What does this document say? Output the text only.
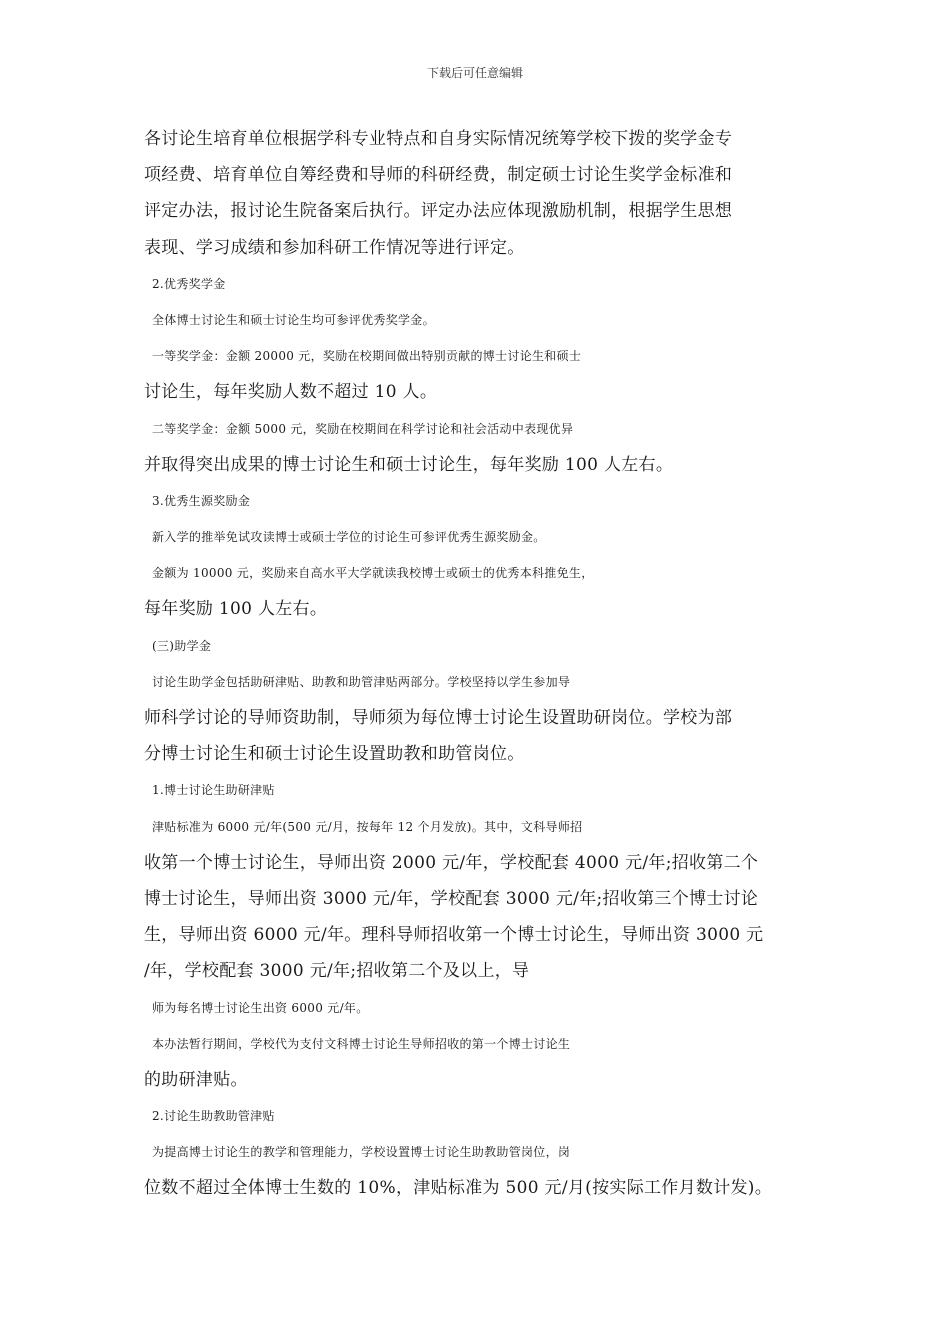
下载后可任意编辑
各讨论生培育单位根据学科专业特点和自身实际情况统筹学校下拨的奖学金专
项经费、培育单位自筹经费和导师的科研经费，制定硕士讨论生奖学金标准和
评定办法，报讨论生院备案后执行。评定办法应体现激励机制，根据学生思想
表现、学习成绩和参加科研工作情况等进行评定。
2.优秀奖学金
全体博士讨论生和硕士讨论生均可参评优秀奖学金。
一等奖学金：金额 20000 元，奖励在校期间做出特别贡献的博士讨论生和硕士
讨论生，每年奖励人数不超过 10 人。
二等奖学金：金额 5000 元，奖励在校期间在科学讨论和社会活动中表现优异
并取得突出成果的博士讨论生和硕士讨论生，每年奖励 100 人左右。
3.优秀生源奖励金
新入学的推举免试攻读博士或硕士学位的讨论生可参评优秀生源奖励金。
金额为 10000 元，奖励来自高水平大学就读我校博士或硕士的优秀本科推免生，
每年奖励 100 人左右。
(三)助学金
讨论生助学金包括助研津贴、助教和助管津贴两部分。学校坚持以学生参加导
师科学讨论的导师资助制，导师须为每位博士讨论生设置助研岗位。学校为部
分博士讨论生和硕士讨论生设置助教和助管岗位。
1.博士讨论生助研津贴
津贴标准为 6000 元/年(500 元/月，按每年 12 个月发放)。其中，文科导师招
收第一个博士讨论生，导师出资 2000 元/年，学校配套 4000 元/年;招收第二个
博士讨论生，导师出资 3000 元/年，学校配套 3000 元/年;招收第三个博士讨论
生，导师出资 6000 元/年。理科导师招收第一个博士讨论生，导师出资 3000 元
/年，学校配套 3000 元/年;招收第二个及以上，导
师为每名博士讨论生出资 6000 元/年。
本办法暂行期间，学校代为支付文科博士讨论生导师招收的第一个博士讨论生
的助研津贴。
2.讨论生助教助管津贴
为提高博士讨论生的教学和管理能力，学校设置博士讨论生助教助管岗位，岗
位数不超过全体博士生数的 10%，津贴标准为 500 元/月(按实际工作月数计发)。
